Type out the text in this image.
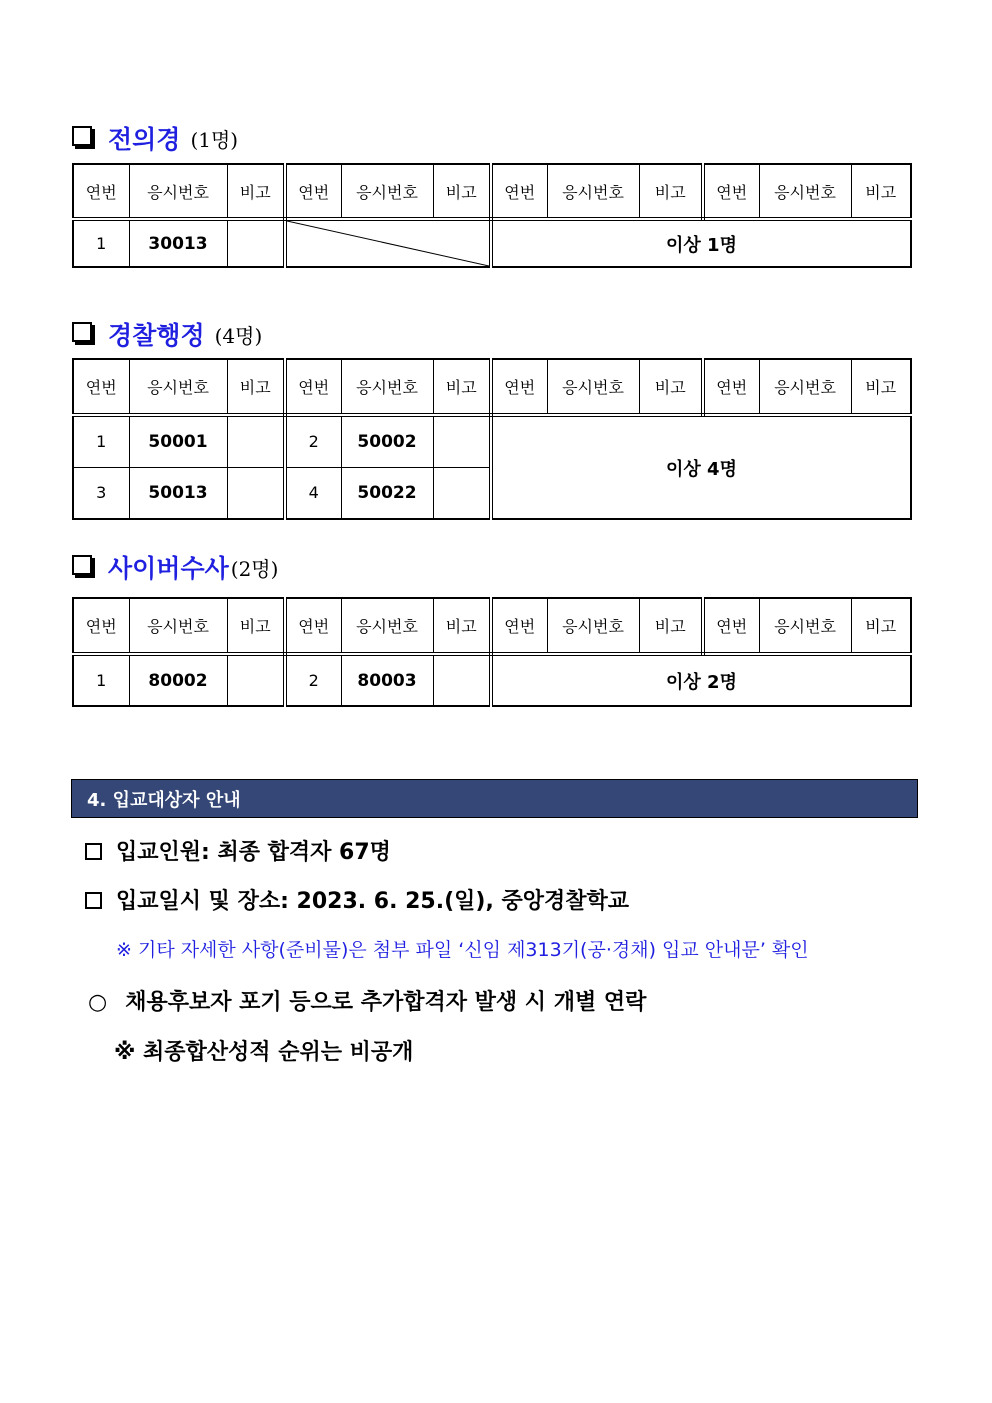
전의경 (1명)
연번	응시번호	비고	연번	응시번호	비고	연번	응시번호	비고	연번	응시번호	비고
1	30013					이상 1명					
경찰행정 (4명)
연번	응시번호	비고	연번	응시번호	비고	연번	응시번호	비고	연번	응시번호	비고
1	50001		2	50002		이상 4명					
3	50013		4	50022							
사이버수사 (2명)
연번	응시번호	비고	연번	응시번호	비고	연번	응시번호	비고	연번	응시번호	비고
1	80002		2	80003		이상 2명					
4. 입교대상자 안내
입교인원: 최종 합격자 67명
입교일시 및 장소: 2023. 6. 25.(일), 중앙경찰학교
※ 기타 자세한 사항(준비물)은 첨부 파일 ‘신임 제313기(공·경채) 입교 안내문’ 확인
○ 채용후보자 포기 등으로 추가합격자 발생 시 개별 연락
※ 최종합산성적 순위는 비공개
